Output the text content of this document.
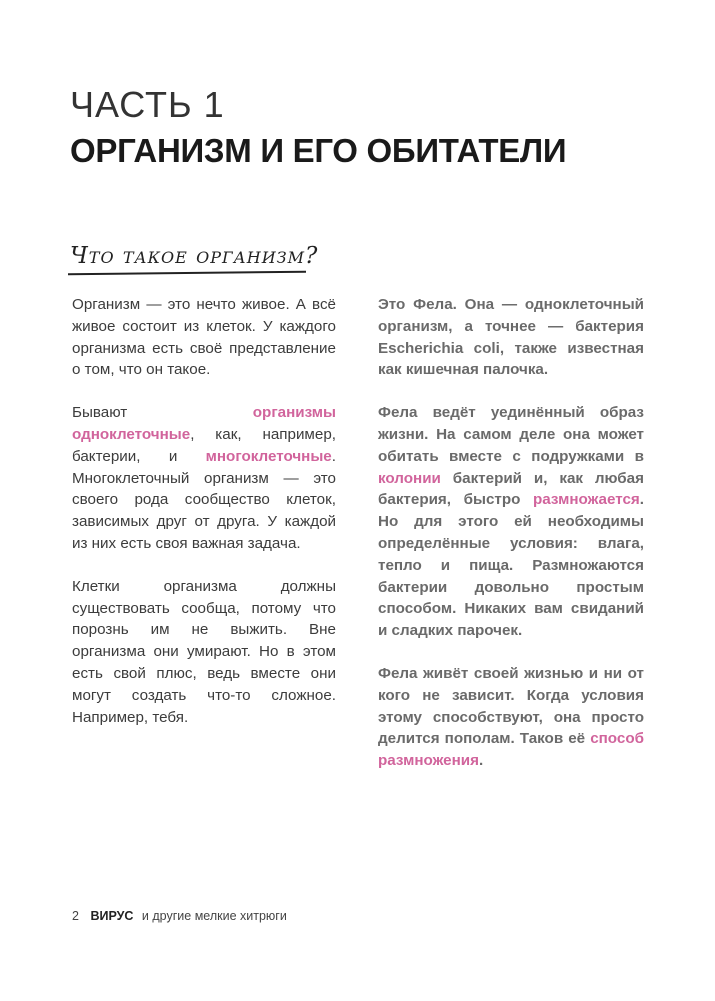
ЧАСТЬ 1
ОРГАНИЗМ И ЕГО ОБИТАТЕЛИ
Что такое организм?

Организм — это нечто живое. А всё живое состоит из клеток. У каждого организма есть своё представление о том, что он такое.

Бывают организмы одноклеточные, как, например, бактерии, и многоклеточные. Многоклеточный организм — это своего рода сообщество клеток, зависимых друг от друга. У каждой из них есть своя важная задача.

Клетки организма должны существовать сообща, потому что порознь им не выжить. Вне организма они умирают. Но в этом есть свой плюс, ведь вместе они могут создать что-то сложное. Например, тебя.

Это Фела. Она — одноклеточный организм, а точнее — бактерия Escherichia coli, также известная как кишечная палочка.

Фела ведёт уединённый образ жизни. На самом деле она может обитать вместе с подружками в колонии бактерий и, как любая бактерия, быстро размножается. Но для этого ей необходимы определённые условия: влага, тепло и пища. Размножаются бактерии довольно простым способом. Никаких вам свиданий и сладких парочек.

Фела живёт своей жизнью и ни от кого не зависит. Когда условия этому способствуют, она просто делится пополам. Таков её способ размножения.

2 ВИРУС и другие мелкие хитрюги
